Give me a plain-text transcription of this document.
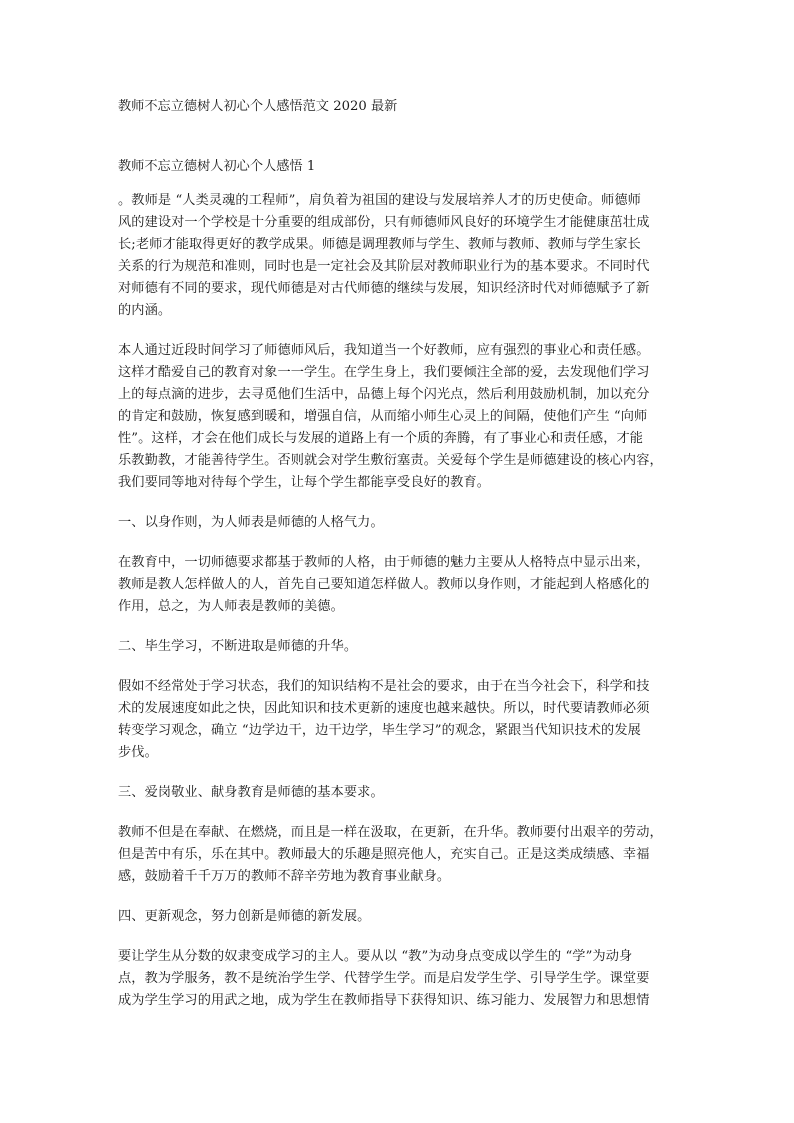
教师不忘立德树人初心个人感悟范文 2020 最新
教师不忘立德树人初心个人感悟 1
。教师是 “人类灵魂的工程师”，肩负着为祖国的建设与发展培养人才的历史使命。师德师
风的建设对一个学校是十分重要的组成部份，只有师德师风良好的环境学生才能健康茁壮成
长;老师才能取得更好的教学成果。师德是调理教师与学生、教师与教师、教师与学生家长
关系的行为规范和准则，同时也是一定社会及其阶层对教师职业行为的基本要求。不同时代
对师德有不同的要求，现代师德是对古代师德的继续与发展，知识经济时代对师德赋予了新
的内涵。
本人通过近段时间学习了师德师风后，我知道当一个好教师，应有强烈的事业心和责任感。
这样才酷爱自己的教育对象一一学生。在学生身上，我们要倾注全部的爱，去发现他们学习
上的每点滴的进步，去寻觅他们生活中，品德上每个闪光点，然后利用鼓励机制，加以充分
的肯定和鼓励，恢复感到暖和，增强自信，从而缩小师生心灵上的间隔，使他们产生 “向师
性”。这样，才会在他们成长与发展的道路上有一个质的奔腾，有了事业心和责任感，才能
乐教勤教，才能善待学生。否则就会对学生敷衍塞责。关爱每个学生是师德建设的核心内容，
我们要同等地对待每个学生，让每个学生都能享受良好的教育。
一、以身作则，为人师表是师德的人格气力。
在教育中，一切师德要求都基于教师的人格，由于师德的魅力主要从人格特点中显示出来，
教师是教人怎样做人的人，首先自己要知道怎样做人。教师以身作则，才能起到人格感化的
作用，总之，为人师表是教师的美德。
二、毕生学习，不断进取是师德的升华。
假如不经常处于学习状态，我们的知识结构不是社会的要求，由于在当今社会下，科学和技
术的发展速度如此之快，因此知识和技术更新的速度也越来越快。所以，时代要请教师必须
转变学习观念，确立 “边学边干，边干边学，毕生学习”的观念，紧跟当代知识技术的发展
步伐。
三、爱岗敬业、献身教育是师德的基本要求。
教师不但是在奉献、在燃烧，而且是一样在汲取，在更新，在升华。教师要付出艰辛的劳动，
但是苦中有乐，乐在其中。教师最大的乐趣是照亮他人，充实自己。正是这类成绩感、幸福
感，鼓励着千千万万的教师不辞辛劳地为教育事业献身。
四、更新观念，努力创新是师德的新发展。
要让学生从分数的奴隶变成学习的主人。要从以 “教”为动身点变成以学生的 “学”为动身
点，教为学服务，教不是统治学生学、代替学生学。而是启发学生学、引导学生学。课堂要
成为学生学习的用武之地，成为学生在教师指导下获得知识、练习能力、发展智力和思想情
